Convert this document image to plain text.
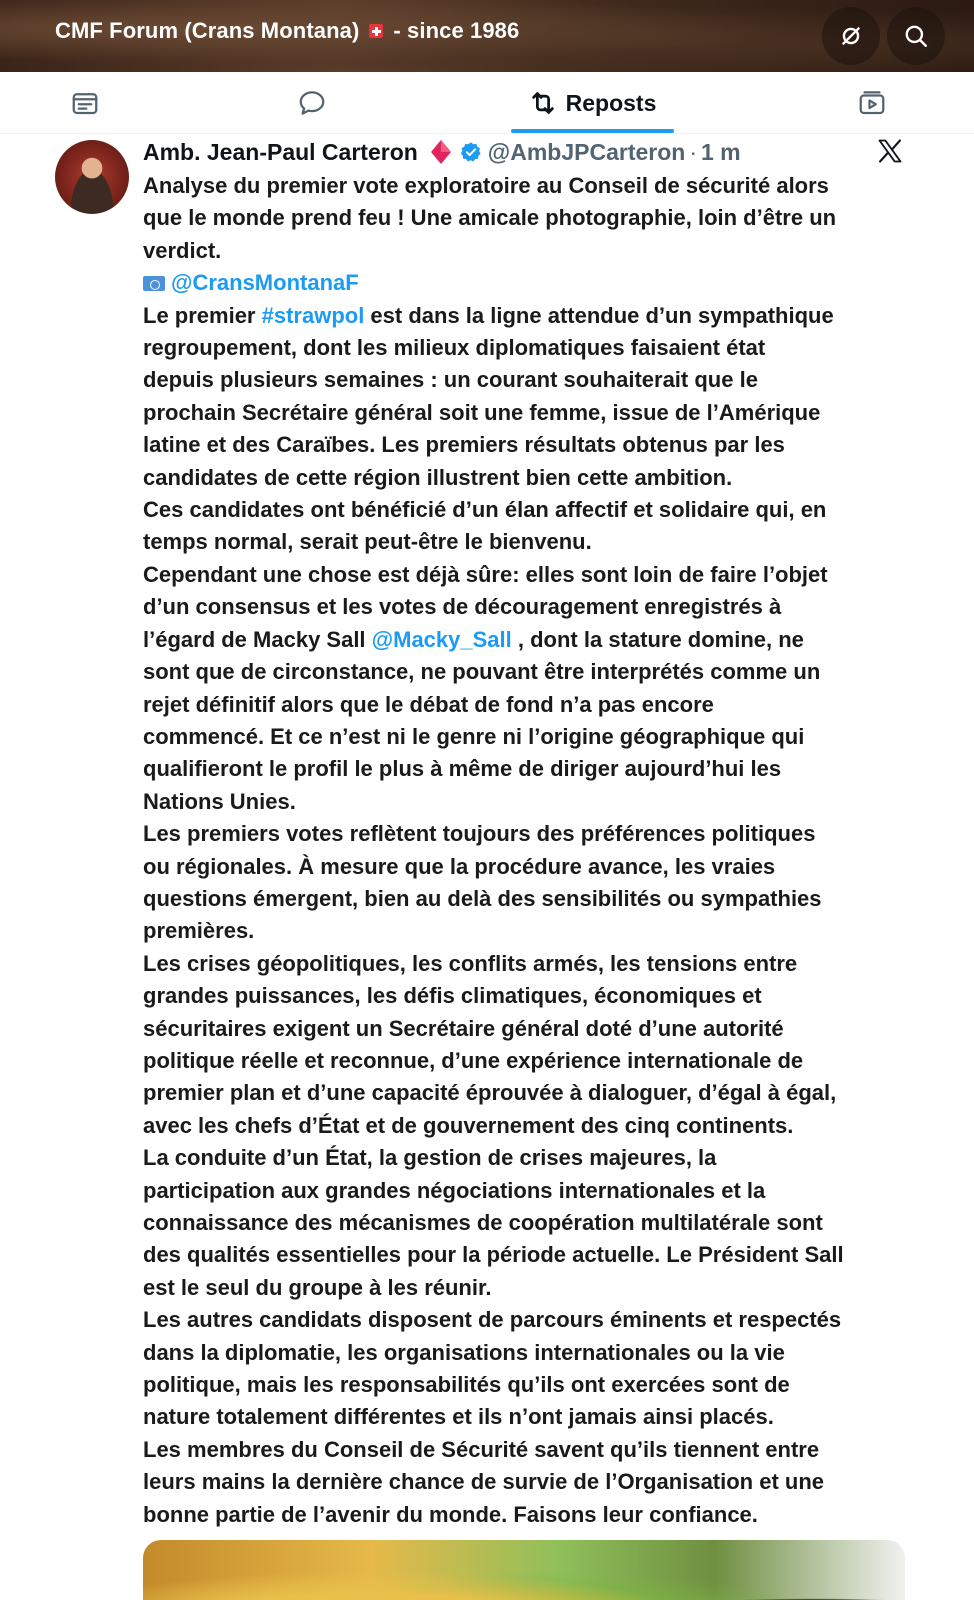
CMF Forum (Crans Montana) - since 1986
Reposts
Amb. Jean-Paul Carteron	@AmbJPCarteron · 1 m
Analyse du premier vote exploratoire au Conseil de sécurité alors
que le monde prend feu ! Une amicale photographie, loin d’être un
verdict.
@CransMontanaF
Le premier #strawpol est dans la ligne attendue d’un sympathique
regroupement, dont les milieux diplomatiques faisaient état
depuis plusieurs semaines : un courant souhaiterait que le
prochain Secrétaire général soit une femme, issue de l’Amérique
latine et des Caraïbes. Les premiers résultats obtenus par les
candidates de cette région illustrent bien cette ambition.
Ces candidates ont bénéficié d’un élan affectif et solidaire qui, en
temps normal, serait peut-être le bienvenu.
Cependant une chose est déjà sûre: elles sont loin de faire l’objet
d’un consensus et les votes de découragement enregistrés à
l’égard de Macky Sall @Macky_Sall , dont la stature domine, ne
sont que de circonstance, ne pouvant être interprétés comme un
rejet définitif alors que le débat de fond n’a pas encore
commencé. Et ce n’est ni le genre ni l’origine géographique qui
qualifieront le profil le plus à même de diriger aujourd’hui les
Nations Unies.
Les premiers votes reflètent toujours des préférences politiques
ou régionales. À mesure que la procédure avance, les vraies
questions émergent, bien au delà des sensibilités ou sympathies
premières.
Les crises géopolitiques, les conflits armés, les tensions entre
grandes puissances, les défis climatiques, économiques et
sécuritaires exigent un Secrétaire général doté d’une autorité
politique réelle et reconnue, d’une expérience internationale de
premier plan et d’une capacité éprouvée à dialoguer, d’égal à égal,
avec les chefs d’État et de gouvernement des cinq continents.
La conduite d’un État, la gestion de crises majeures, la
participation aux grandes négociations internationales et la
connaissance des mécanismes de coopération multilatérale sont
des qualités essentielles pour la période actuelle. Le Président Sall
est le seul du groupe à les réunir.
Les autres candidats disposent de parcours éminents et respectés
dans la diplomatie, les organisations internationales ou la vie
politique, mais les responsabilités qu’ils ont exercées sont de
nature totalement différentes et ils n’ont jamais ainsi placés.
Les membres du Conseil de Sécurité savent qu’ils tiennent entre
leurs mains la dernière chance de survie de l’Organisation et une
bonne partie de l’avenir du monde. Faisons leur confiance.
